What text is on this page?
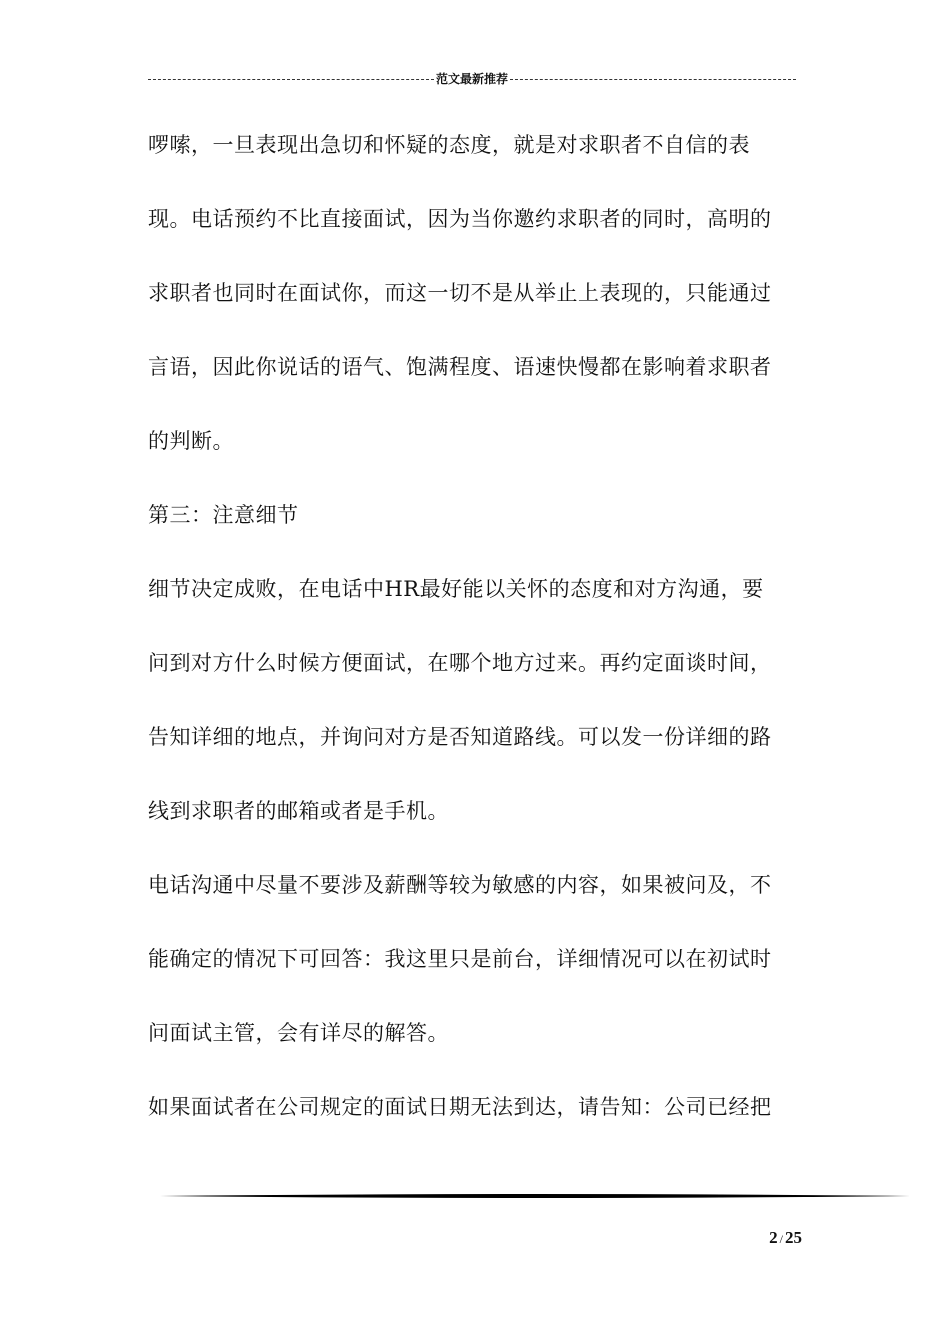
范文最新推荐
啰嗦，一旦表现出急切和怀疑的态度，就是对求职者不自信的表
现。电话预约不比直接面试，因为当你邀约求职者的同时，高明的
求职者也同时在面试你，而这一切不是从举止上表现的，只能通过
言语，因此你说话的语气、饱满程度、语速快慢都在影响着求职者
的判断。
第三：注意细节
细节决定成败，在电话中HR最好能以关怀的态度和对方沟通，要
问到对方什么时候方便面试，在哪个地方过来。再约定面谈时间，
告知详细的地点，并询问对方是否知道路线。可以发一份详细的路
线到求职者的邮箱或者是手机。
电话沟通中尽量不要涉及薪酬等较为敏感的内容，如果被问及，不
能确定的情况下可回答：我这里只是前台，详细情况可以在初试时
问面试主管，会有详尽的解答。
如果面试者在公司规定的面试日期无法到达，请告知：公司已经把
2 / 25
